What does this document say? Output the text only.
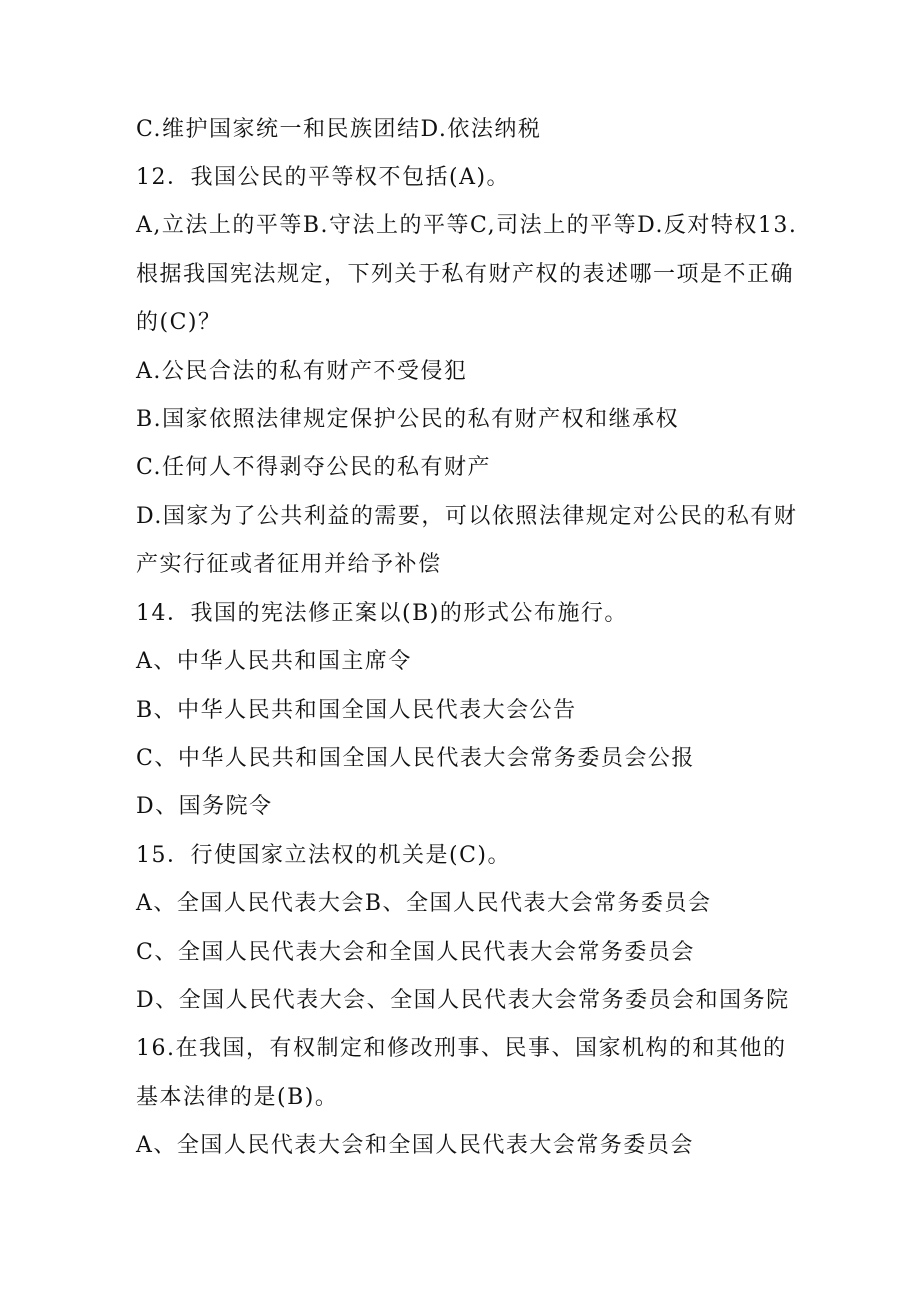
C.维护国家统一和民族团结D.依法纳税
12．我国公民的平等权不包括(A)。
A,立法上的平等B.守法上的平等C,司法上的平等D.反对特权13.
根据我国宪法规定，下列关于私有财产权的表述哪一项是不正确
的(C)？
A.公民合法的私有财产不受侵犯
B.国家依照法律规定保护公民的私有财产权和继承权
C.任何人不得剥夺公民的私有财产
D.国家为了公共利益的需要，可以依照法律规定对公民的私有财
产实行征或者征用并给予补偿
14．我国的宪法修正案以(B)的形式公布施行。
A、中华人民共和国主席令
B、中华人民共和国全国人民代表大会公告
C、中华人民共和国全国人民代表大会常务委员会公报
D、国务院令
15．行使国家立法权的机关是(C)。
A、全国人民代表大会B、全国人民代表大会常务委员会
C、全国人民代表大会和全国人民代表大会常务委员会
D、全国人民代表大会、全国人民代表大会常务委员会和国务院
16.在我国，有权制定和修改刑事、民事、国家机构的和其他的
基本法律的是(B)。
A、全国人民代表大会和全国人民代表大会常务委员会
